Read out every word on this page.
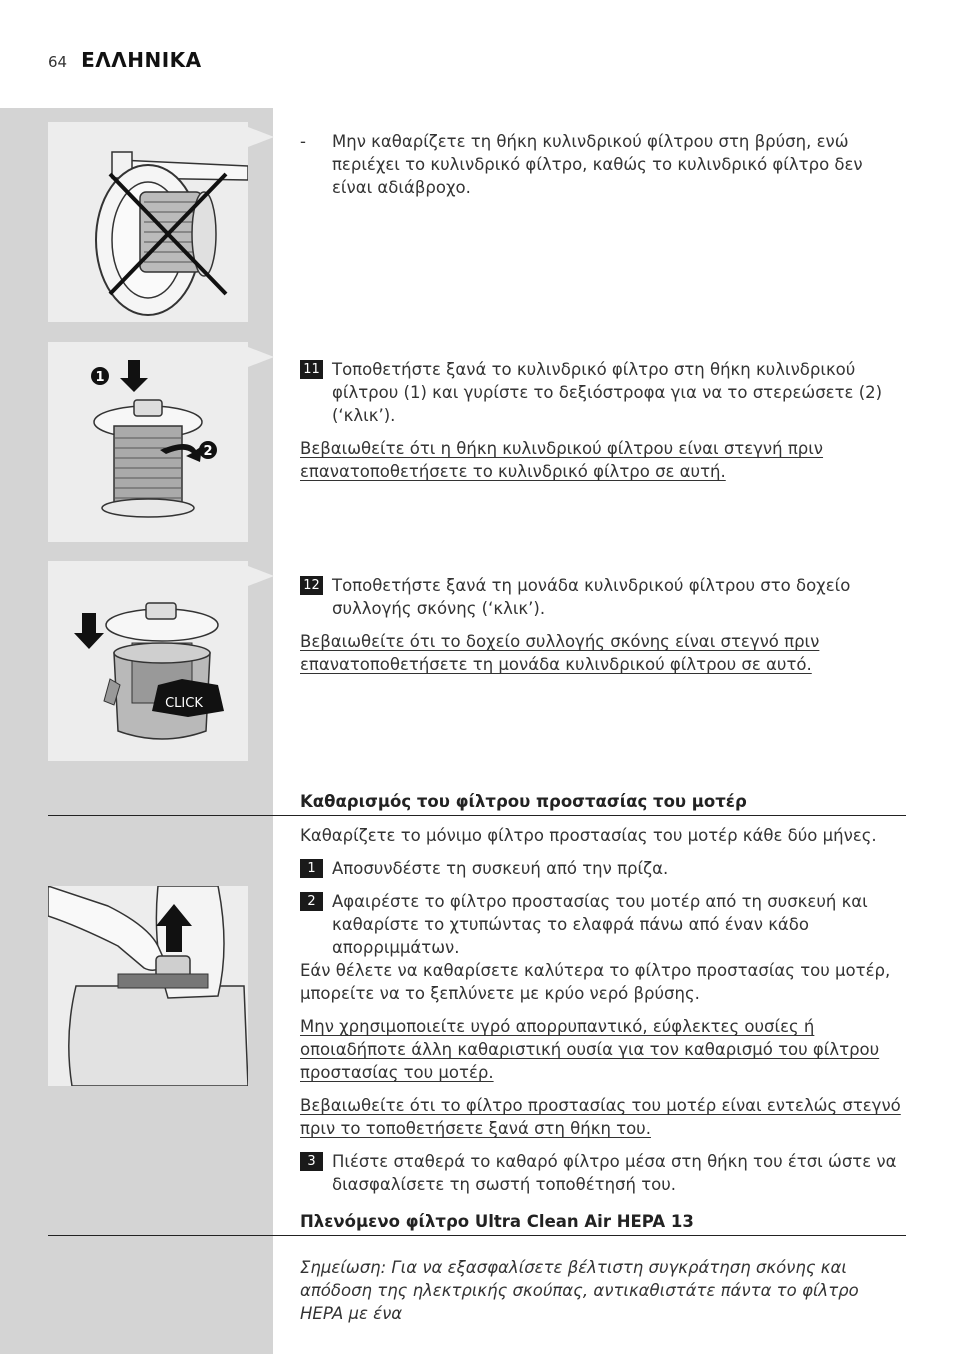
64 ΕΛΛΗΝΙΚΑ
-	Μην καθαρίζετε τη θήκη κυλινδρικού φίλτρου στη βρύση, ενώ περιέχει το κυλινδρικό φίλτρο, καθώς το κυλινδρικό φίλτρο δεν είναι αδιάβροχο.

1
2
11 Τοποθετήστε ξανά το κυλινδρικό φίλτρο στη θήκη κυλινδρικού φίλτρου (1) και γυρίστε το δεξιόστροφα για να το στερεώσετε (2) (‘κλικ’).

Βεβαιωθείτε ότι η θήκη κυλινδρικού φίλτρου είναι στεγνή πριν επανατοποθετήσετε το κυλινδρικό φίλτρο σε αυτή.

CLICK
12 Τοποθετήστε ξανά τη μονάδα κυλινδρικού φίλτρου στο δοχείο συλλογής σκόνης (‘κλικ’).

Βεβαιωθείτε ότι το δοχείο συλλογής σκόνης είναι στεγνό πριν επανατοποθετήσετε τη μονάδα κυλινδρικού φίλτρου σε αυτό.

Καθαρισμός του φίλτρου προστασίας του μοτέρ

Καθαρίζετε το μόνιμο φίλτρο προστασίας του μοτέρ κάθε δύο μήνες.

1 Αποσυνδέστε τη συσκευή από την πρίζα.

2 Αφαιρέστε το φίλτρο προστασίας του μοτέρ από τη συσκευή και καθαρίστε το χτυπώντας το ελαφρά πάνω από έναν κάδο απορριμμάτων.

Εάν θέλετε να καθαρίσετε καλύτερα το φίλτρο προστασίας του μοτέρ, μπορείτε να το ξεπλύνετε με κρύο νερό βρύσης.

Μην χρησιμοποιείτε υγρό απορρυπαντικό, εύφλεκτες ουσίες ή οποιαδήποτε άλλη καθαριστική ουσία για τον καθαρισμό του φίλτρου προστασίας του μοτέρ.

Βεβαιωθείτε ότι το φίλτρο προστασίας του μοτέρ είναι εντελώς στεγνό πριν το τοποθετήσετε ξανά στη θήκη του.

3 Πιέστε σταθερά το καθαρό φίλτρο μέσα στη θήκη του έτσι ώστε να διασφαλίσετε τη σωστή τοποθέτησή του.

Πλενόμενο φίλτρο Ultra Clean Air HEPA 13

Σημείωση: Για να εξασφαλίσετε βέλτιστη συγκράτηση σκόνης και απόδοση της ηλεκτρικής σκούπας, αντικαθιστάτε πάντα το φίλτρο HEPA με ένα
